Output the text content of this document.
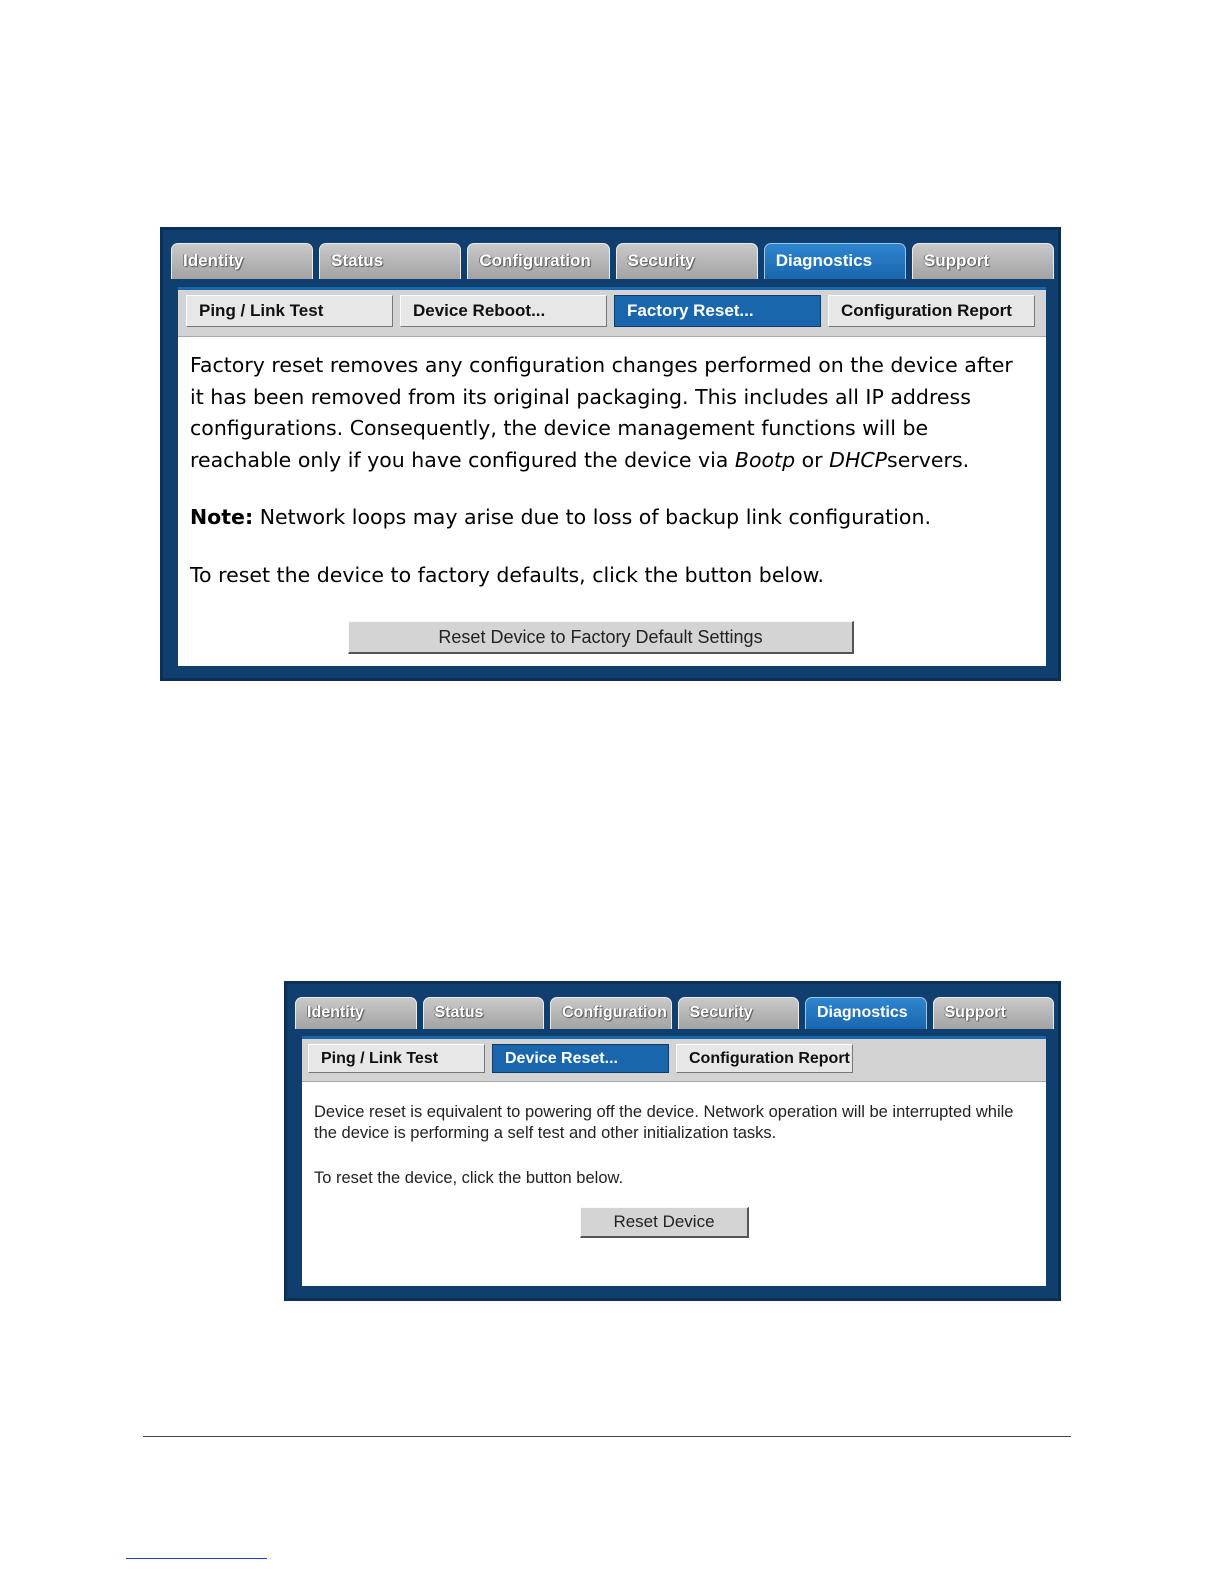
Identity	Status	Configuration	Security	Diagnostics	Support
Ping / Link Test	Device Reboot...	Factory Reset...	Configuration Report

Factory reset removes any configuration changes performed on the device after it has been removed from its original packaging. This includes all IP address configurations. Consequently, the device management functions will be reachable only if you have configured the device via Bootp or DHCPservers.

Note: Network loops may arise due to loss of backup link configuration.

To reset the device to factory defaults, click the button below.

Reset Device to Factory Default Settings
Identity	Status	Configuration	Security	Diagnostics	Support
Ping / Link Test	Device Reset...	Configuration Report

Device reset is equivalent to powering off the device. Network operation will be interrupted while the device is performing a self test and other initialization tasks.

To reset the device, click the button below.

Reset Device
